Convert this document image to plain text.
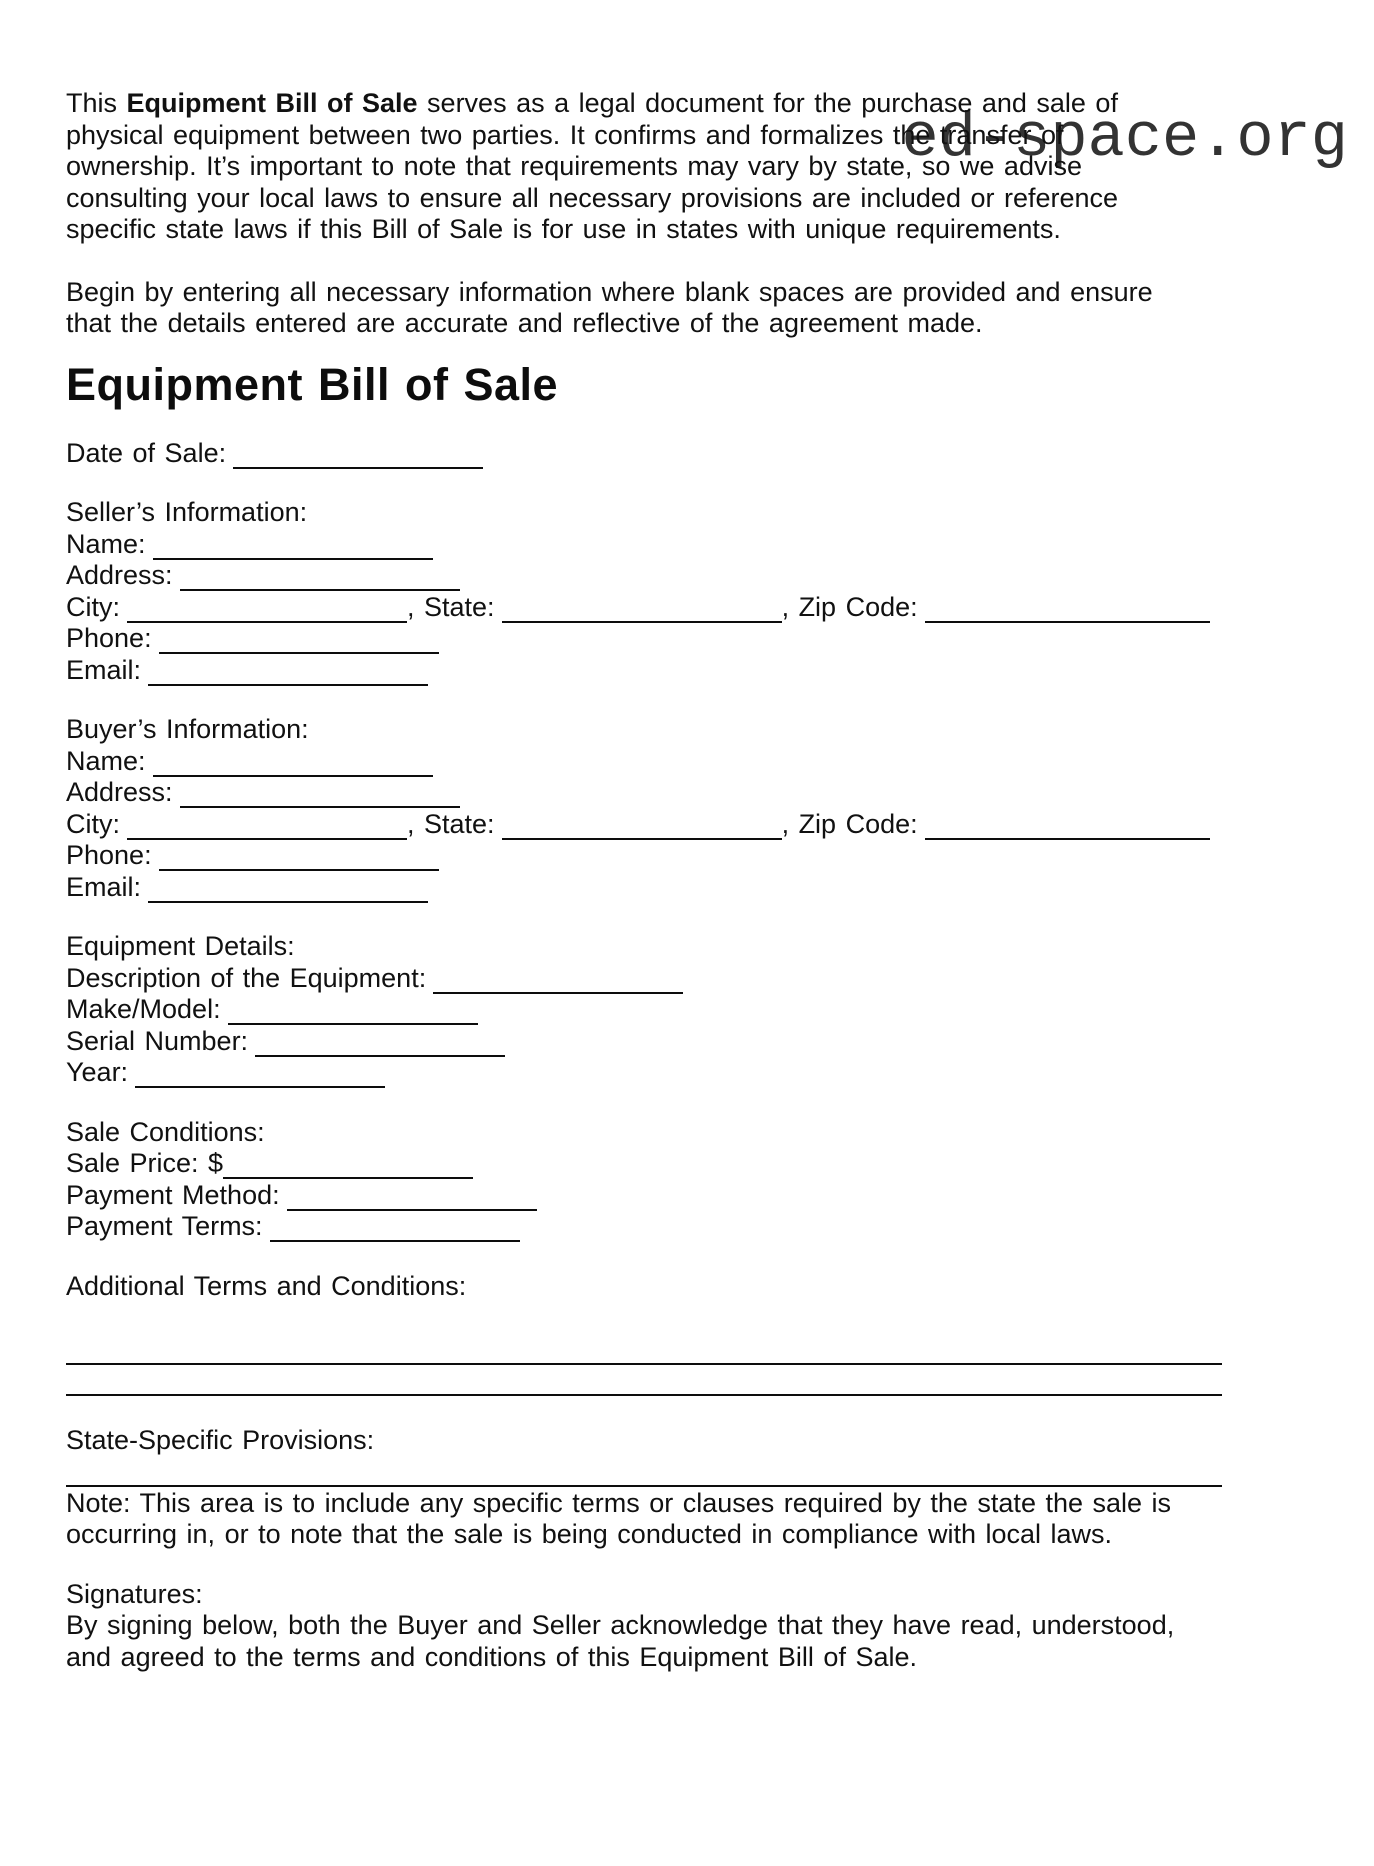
ed-space.org

This Equipment Bill of Sale serves as a legal document for the purchase and sale of
physical equipment between two parties. It confirms and formalizes the transfer of
ownership. It’s important to note that requirements may vary by state, so we advise
consulting your local laws to ensure all necessary provisions are included or reference
specific state laws if this Bill of Sale is for use in states with unique requirements.

Begin by entering all necessary information where blank spaces are provided and ensure
that the details entered are accurate and reflective of the agreement made.

Equipment Bill of Sale
Date of Sale:
Seller’s Information:
Name:
Address:
City:	, State:	, Zip Code:
Phone:
Email:
Buyer’s Information:
Name:
Address:
City:	, State:	, Zip Code:
Phone:
Email:
Equipment Details:
Description of the Equipment:
Make/Model:
Serial Number:
Year:
Sale Conditions:
Sale Price: $
Payment Method:
Payment Terms:
Additional Terms and Conditions:
State-Specific Provisions:
Note: This area is to include any specific terms or clauses required by the state the sale is
occurring in, or to note that the sale is being conducted in compliance with local laws.
Signatures:
By signing below, both the Buyer and Seller acknowledge that they have read, understood,
and agreed to the terms and conditions of this Equipment Bill of Sale.
